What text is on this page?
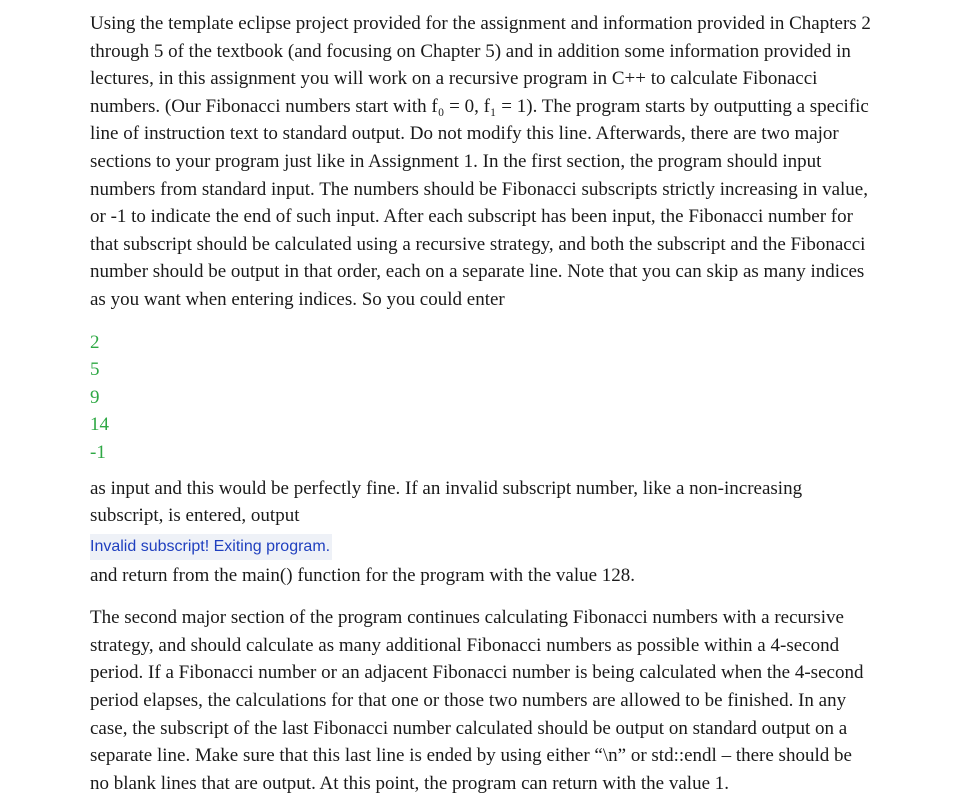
Using the template eclipse project provided for the assignment and information provided in Chapters 2
through 5 of the textbook (and focusing on Chapter 5) and in addition some information provided in
lectures, in this assignment you will work on a recursive program in C++ to calculate Fibonacci
numbers. (Our Fibonacci numbers start with f₀ = 0, f₁ = 1). The program starts by outputting a specific
line of instruction text to standard output. Do not modify this line. Afterwards, there are two major
sections to your program just like in Assignment 1. In the first section, the program should input
numbers from standard input. The numbers should be Fibonacci subscripts strictly increasing in value,
or -1 to indicate the end of such input. After each subscript has been input, the Fibonacci number for
that subscript should be calculated using a recursive strategy, and both the subscript and the Fibonacci
number should be output in that order, each on a separate line. Note that you can skip as many indices
as you want when entering indices. So you could enter

2
5
9
14
-1

as input and this would be perfectly fine. If an invalid subscript number, like a non-increasing
subscript, is entered, output

Invalid subscript! Exiting program.

and return from the main() function for the program with the value 128.

The second major section of the program continues calculating Fibonacci numbers with a recursive
strategy, and should calculate as many additional Fibonacci numbers as possible within a 4-second
period. If a Fibonacci number or an adjacent Fibonacci number is being calculated when the 4-second
period elapses, the calculations for that one or those two numbers are allowed to be finished. In any
case, the subscript of the last Fibonacci number calculated should be output on standard output on a
separate line. Make sure that this last line is ended by using either “\n” or std::endl – there should be
no blank lines that are output. At this point, the program can return with the value 1.
